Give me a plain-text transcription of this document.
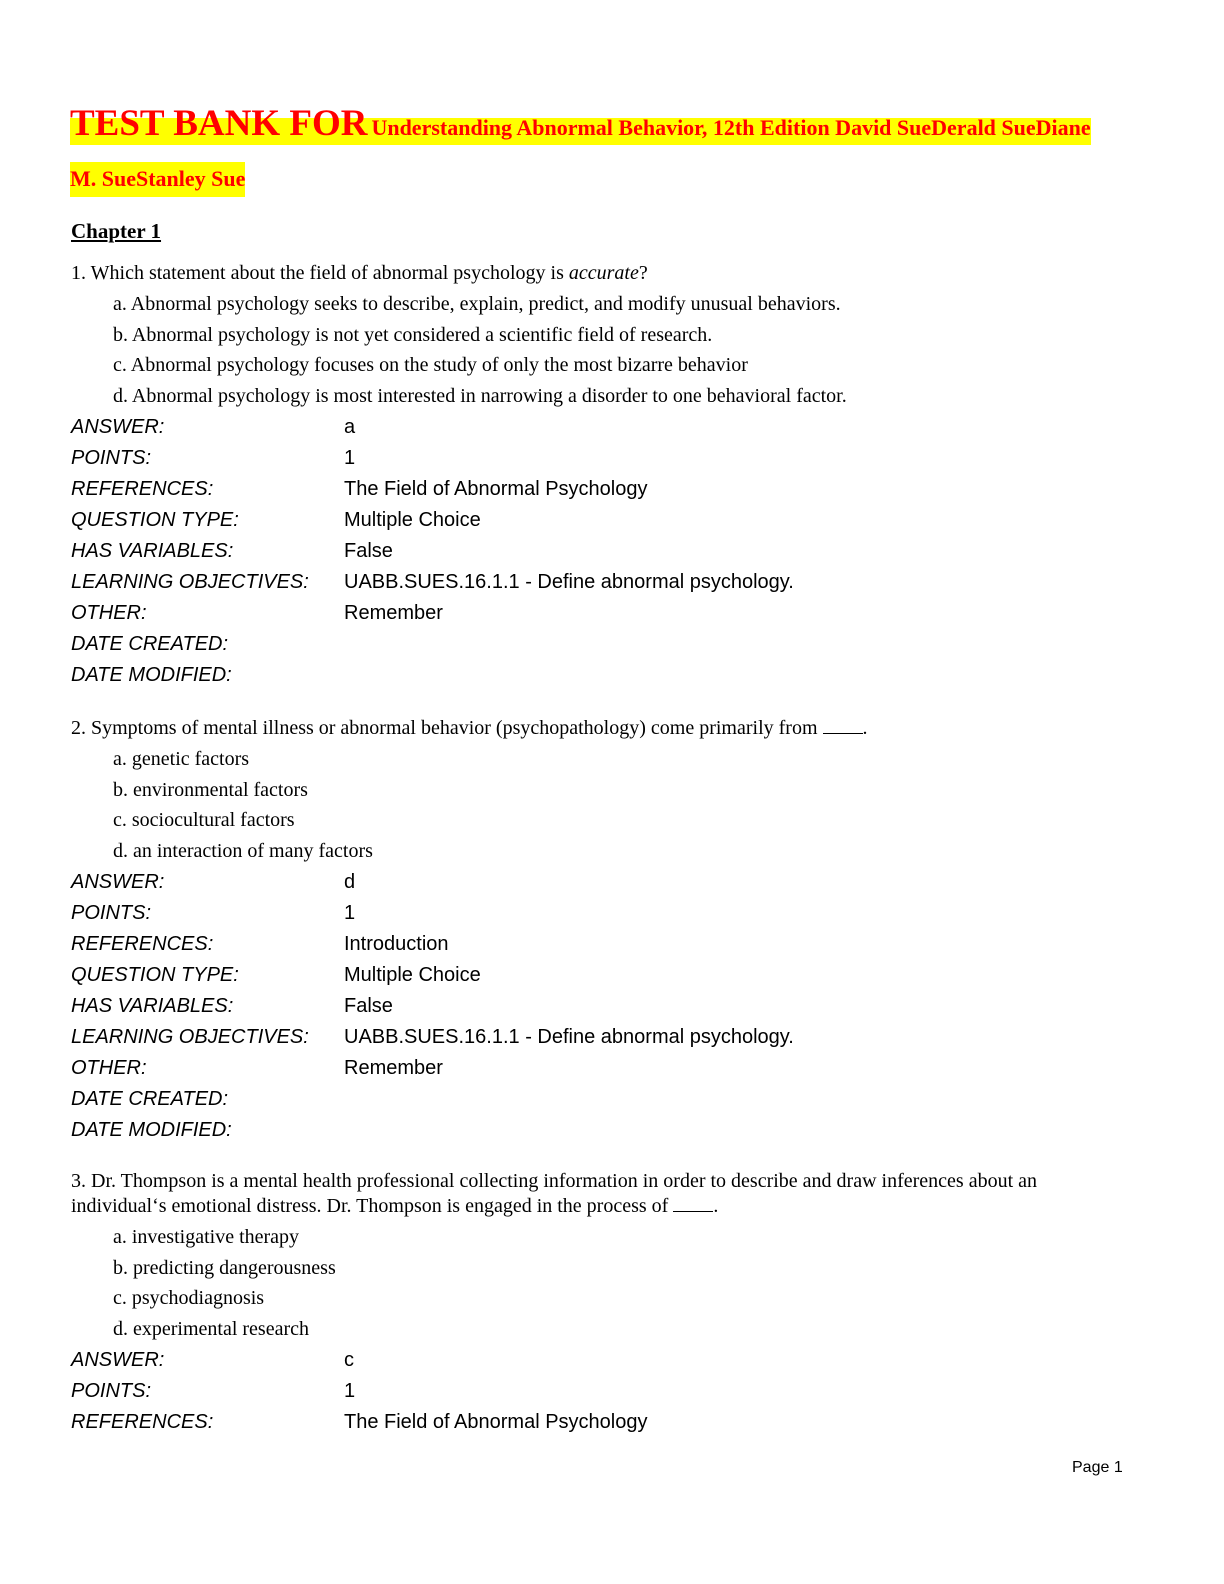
TEST BANK FOR Understanding Abnormal Behavior, 12th Edition David SueDerald SueDiane
M. SueStanley Sue
Chapter 1
1. Which statement about the field of abnormal psychology is accurate?
a. Abnormal psychology seeks to describe, explain, predict, and modify unusual behaviors.
b. Abnormal psychology is not yet considered a scientific field of research.
c. Abnormal psychology focuses on the study of only the most bizarre behavior
d. Abnormal psychology is most interested in narrowing a disorder to one behavioral factor.
ANSWER:	a
POINTS:	1
REFERENCES:	The Field of Abnormal Psychology
QUESTION TYPE:	Multiple Choice
HAS VARIABLES:	False
LEARNING OBJECTIVES:	UABB.SUES.16.1.1 - Define abnormal psychology.
OTHER:	Remember
DATE CREATED:
DATE MODIFIED:
2. Symptoms of mental illness or abnormal behavior (psychopathology) come primarily from .
a. genetic factors
b. environmental factors
c. sociocultural factors
d. an interaction of many factors
ANSWER:	d
POINTS:	1
REFERENCES:	Introduction
QUESTION TYPE:	Multiple Choice
HAS VARIABLES:	False
LEARNING OBJECTIVES:	UABB.SUES.16.1.1 - Define abnormal psychology.
OTHER:	Remember
DATE CREATED:
DATE MODIFIED:
3. Dr. Thompson is a mental health professional collecting information in order to describe and draw inferences about an
individual‘s emotional distress. Dr. Thompson is engaged in the process of .
a. investigative therapy
b. predicting dangerousness
c. psychodiagnosis
d. experimental research
ANSWER:	c
POINTS:	1
REFERENCES:	The Field of Abnormal Psychology
Page 1
